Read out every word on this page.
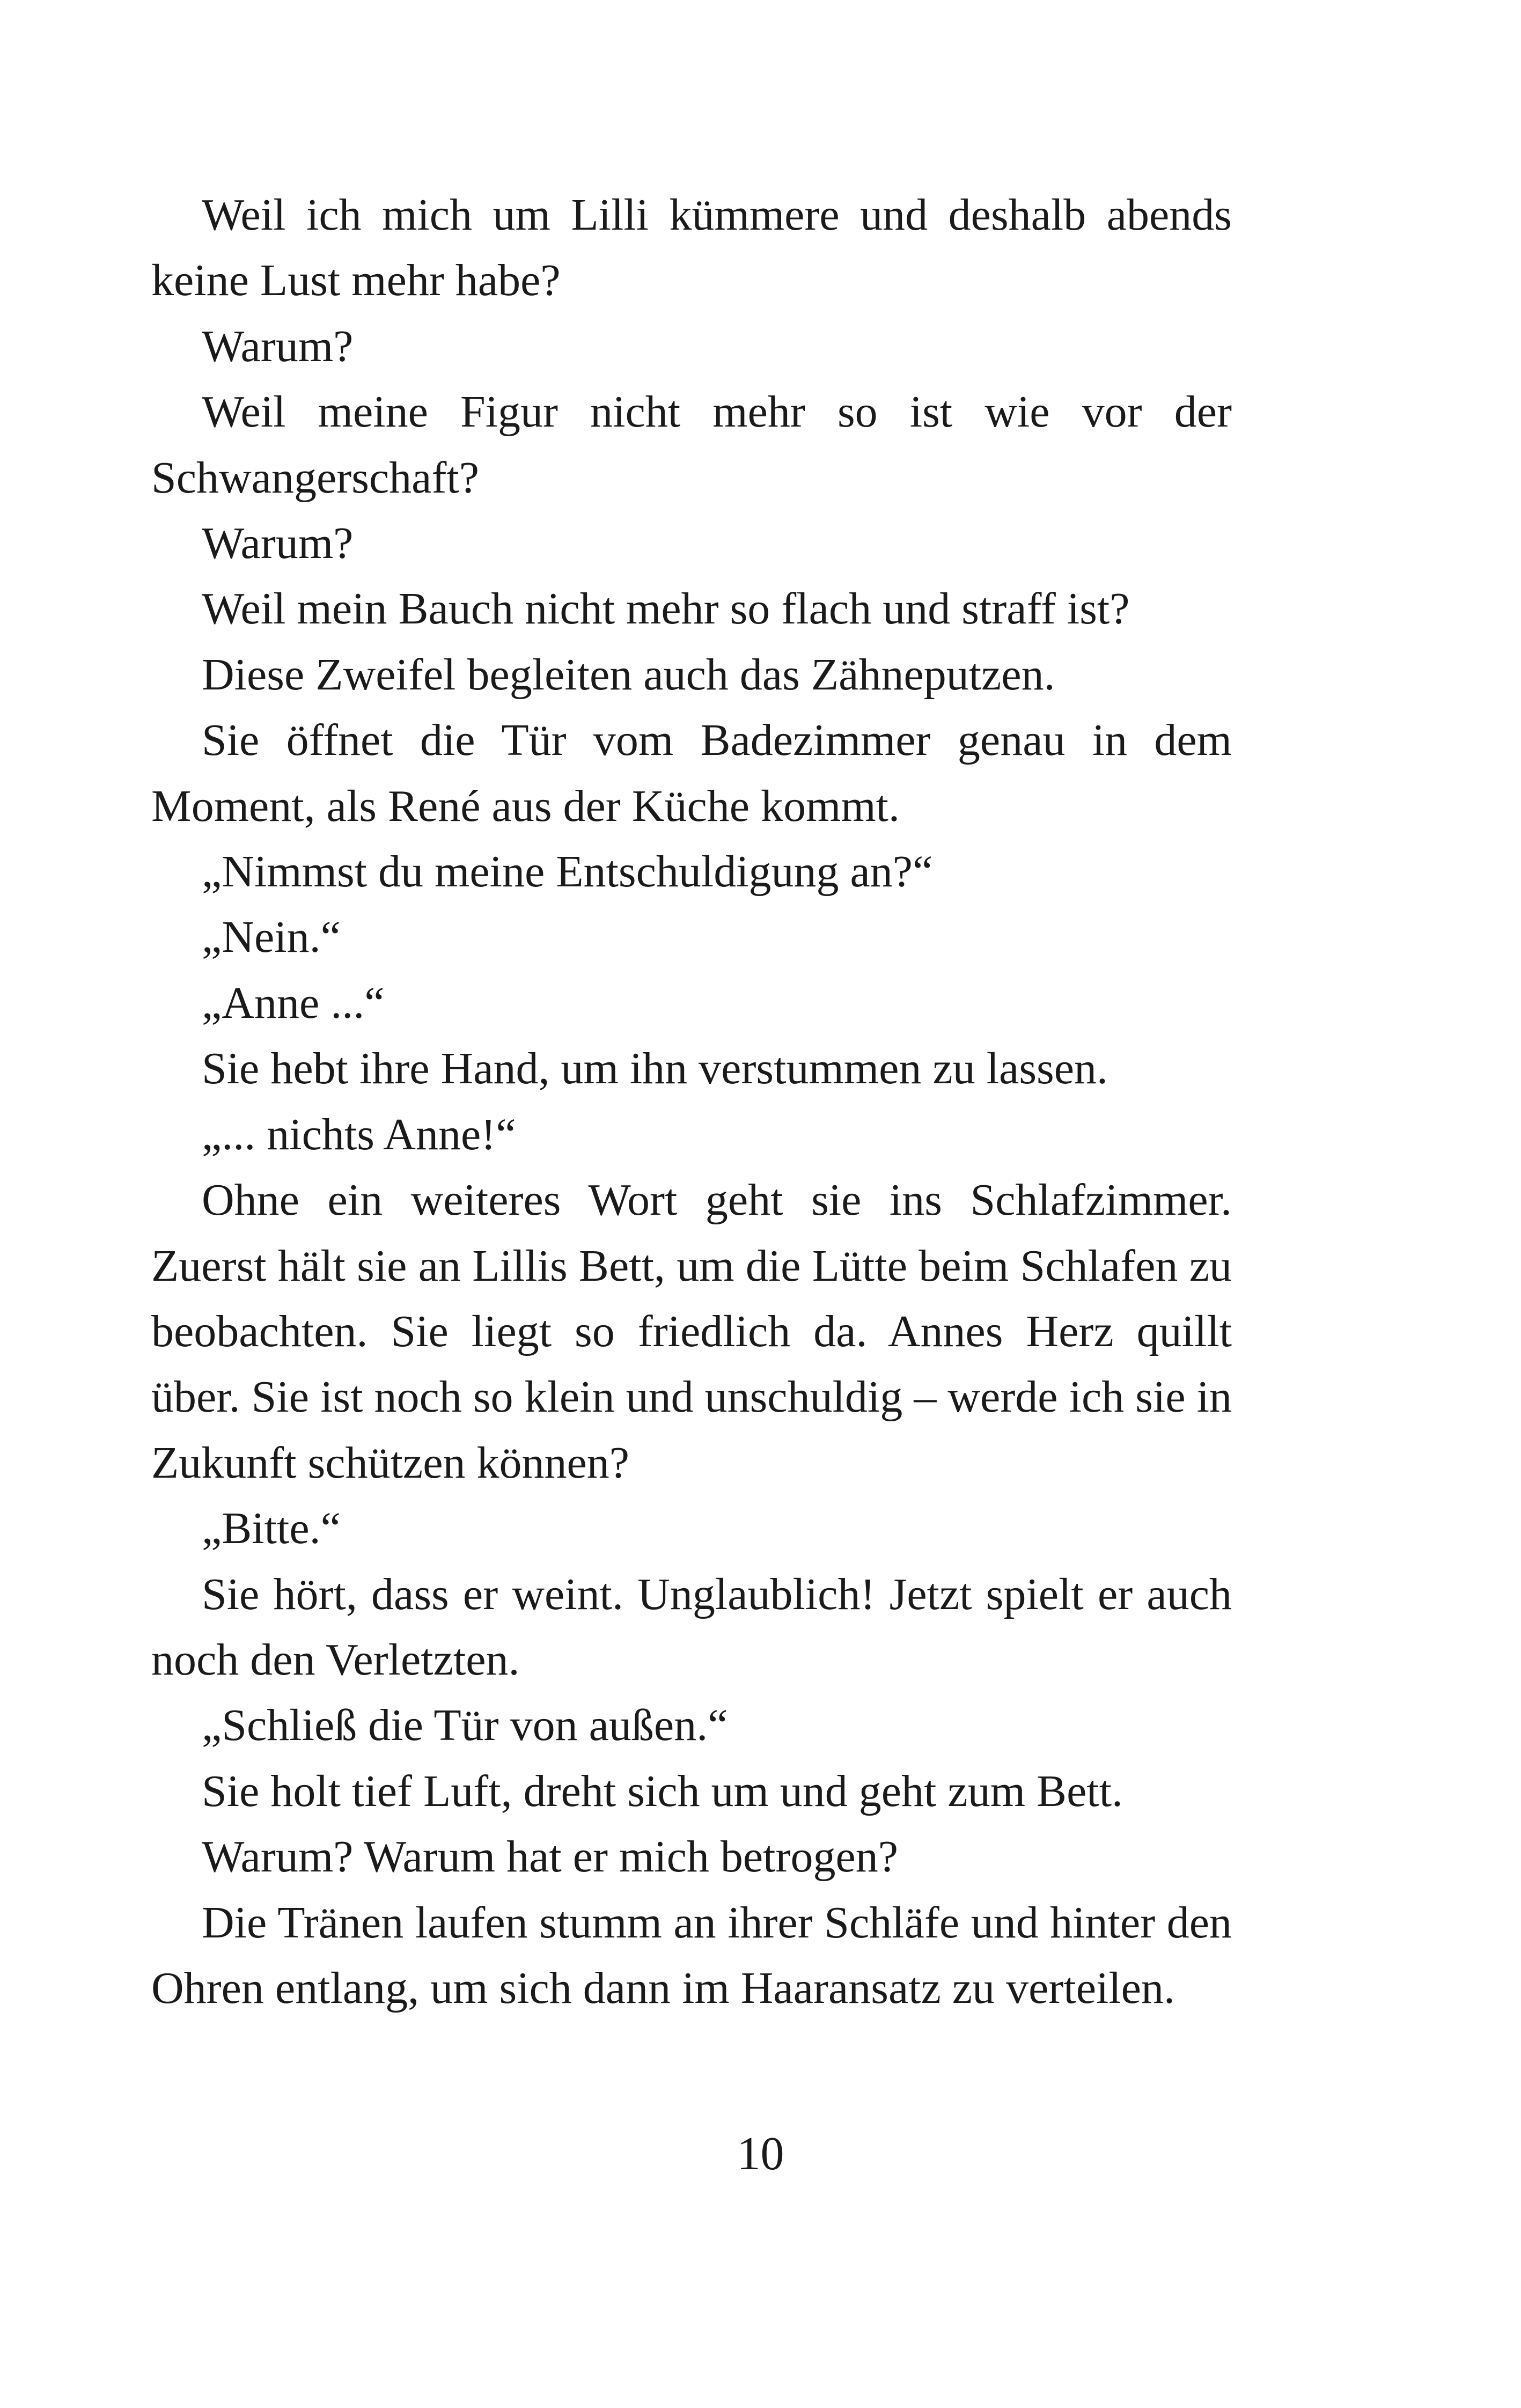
Weil ich mich um Lilli kümmere und deshalb abends keine Lust mehr habe?

Warum?

Weil meine Figur nicht mehr so ist wie vor der Schwangerschaft?

Warum?

Weil mein Bauch nicht mehr so flach und straff ist?

Diese Zweifel begleiten auch das Zähneputzen.

Sie öffnet die Tür vom Badezimmer genau in dem Moment, als René aus der Küche kommt.

„Nimmst du meine Entschuldigung an?“

„Nein.“

„Anne ...“

Sie hebt ihre Hand, um ihn verstummen zu lassen.

„... nichts Anne!“

Ohne ein weiteres Wort geht sie ins Schlafzimmer. Zuerst hält sie an Lillis Bett, um die Lütte beim Schlafen zu beobachten. Sie liegt so friedlich da. Annes Herz quillt über. Sie ist noch so klein und unschuldig – werde ich sie in Zukunft schützen können?

„Bitte.“

Sie hört, dass er weint. Unglaublich! Jetzt spielt er auch noch den Verletzten.

„Schließ die Tür von außen.“

Sie holt tief Luft, dreht sich um und geht zum Bett.

Warum? Warum hat er mich betrogen?

Die Tränen laufen stumm an ihrer Schläfe und hinter den Ohren entlang, um sich dann im Haaransatz zu verteilen.

10
